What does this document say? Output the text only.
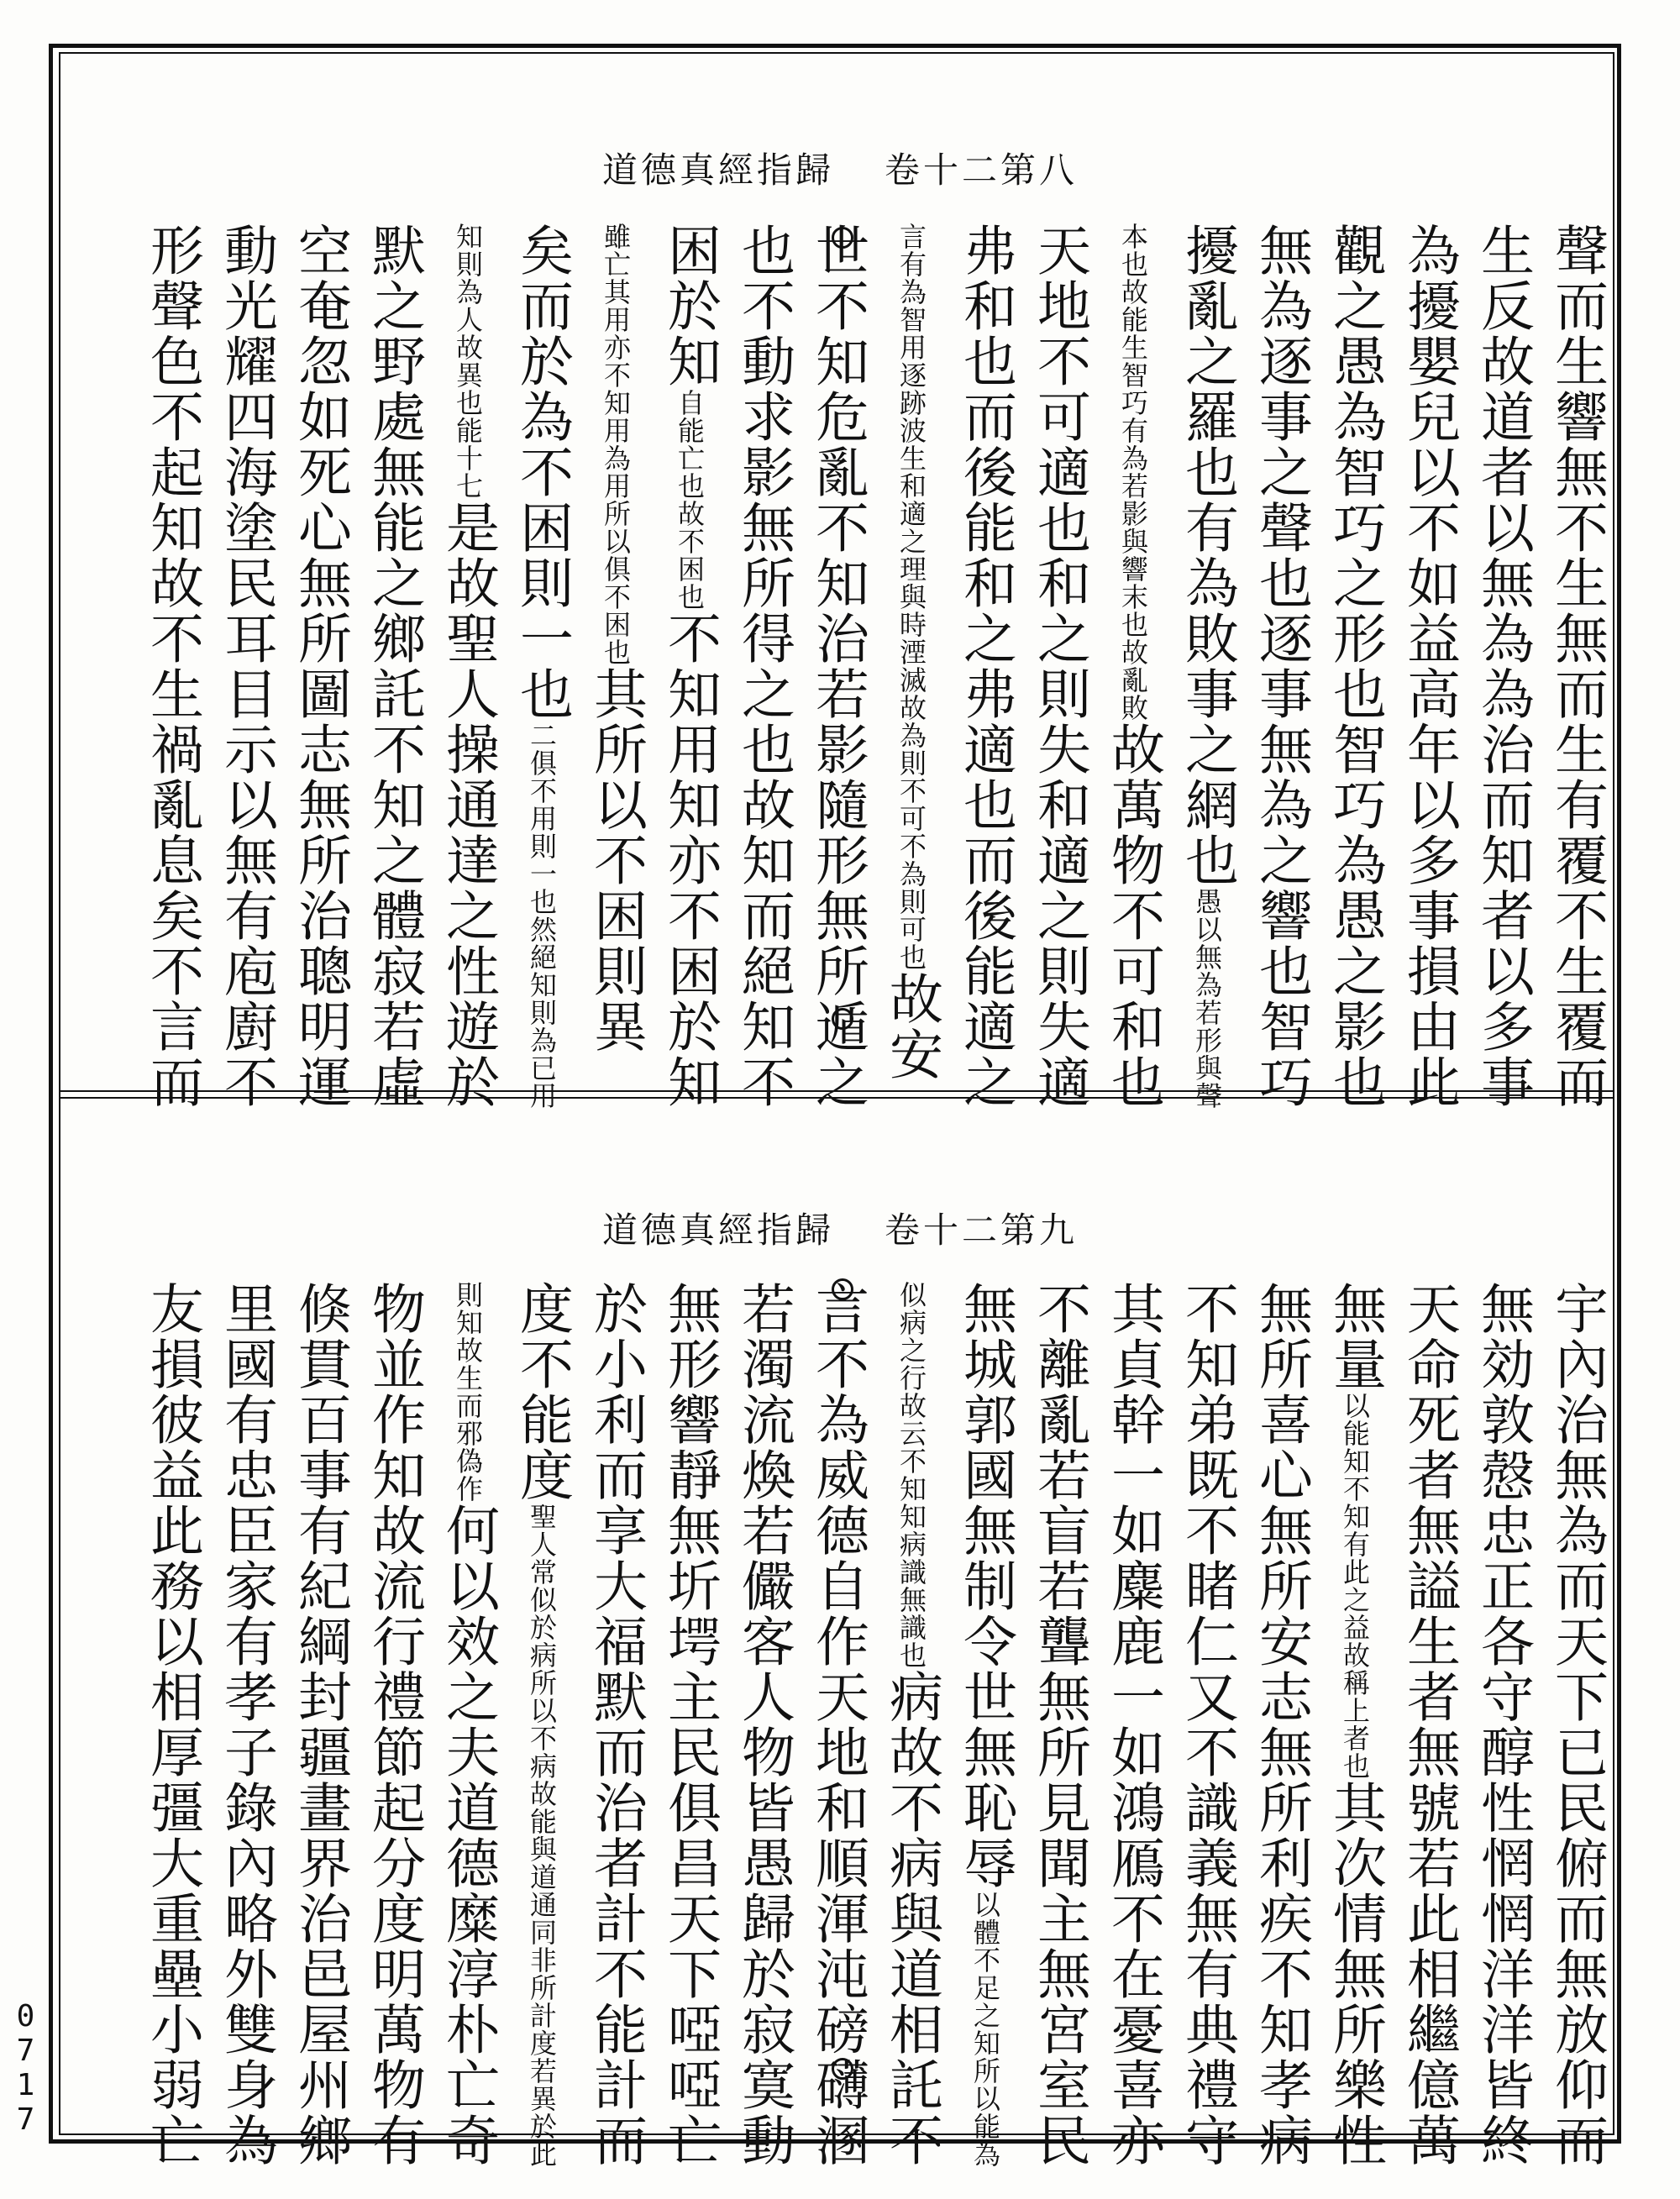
道德真經指歸 卷十二第八
道德真經指歸 卷十二第九
聲而生響無不生無而生有覆不生覆而
生反故道者以無為為治而知者以多事
為擾嬰兒以不如益高年以多事損由此
觀之愚為智巧之形也智巧為愚之影也
無為逐事之聲也逐事無為之響也智巧
擾亂之羅也有為敗事之網也愚以無為若形與聲
本也故能生智巧有為若影與響末也故亂敗故萬物不可和也
天地不可適也和之則失和適之則失適
弗和也而後能和之弗適也而後能適之
言有為智用逐跡波生和適之理與時湮滅故為則不可不為則可也故安
世不知危亂不知治若影隨形無所遁之
也不動求影無所得之也故知而絕知不
困於知自能亡也故不困也不知用知亦不困於知
雖亡其用亦不知用為用所以俱不困也其所以不困則異
矣而於為不困則一也二俱不用則一也然絕知則為已用
知則為人故異也能十七是故聖人操通達之性遊於
默之野處無能之鄉託不知之體寂若虛
空奄忽如死心無所圖志無所治聰明運
動光耀四海塗民耳目示以無有庖廚不
形聲色不起知故不生禍亂息矣不言而
宇內治無為而天下已民俯而無放仰而
無効敦慤忠正各守醇性惘惘洋洋皆終
天命死者無謚生者無號若此相繼億萬
無量以能知不知有此之益故稱上者也其次情無所樂性
無所喜心無所安志無所利疾不知孝病
不知弟既不睹仁又不識義無有典禮守
其貞幹一如麋鹿一如鴻鴈不在憂喜亦
不離亂若盲若聾無所見聞主無宮室民
無城郭國無制令世無恥辱以體不足之知所以能為
似病之行故云不知知病識無識也病故不病與道相託不
言不為威德自作天地和順渾沌磅礴溷
若濁流煥若儼客人物皆愚歸於寂寞動
無形響靜無圻堮主民俱昌天下啞啞亡
於小利而享大福默而治者計不能計而
度不能度聖人常似於病所以不病故能與道通同非所計度若異於此
則知故生而邪偽作何以效之夫道德糜淳朴亡奇
物並作知故流行禮節起分度明萬物有
倏貫百事有紀綱封疆畫界治邑屋州鄉
里國有忠臣家有孝子錄內略外雙身為
友損彼益此務以相厚彊大重壘小弱亡
0717
